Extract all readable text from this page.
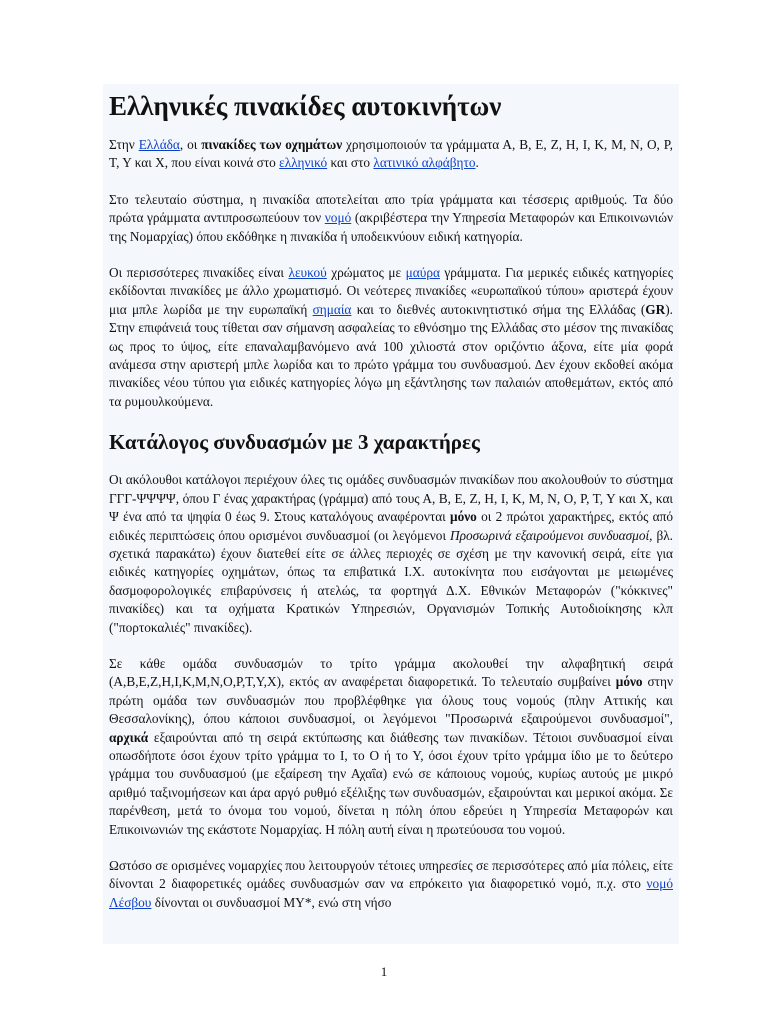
Ελληνικές πινακίδες αυτοκινήτων

Στην Ελλάδα, οι πινακίδες των οχημάτων χρησιμοποιούν τα γράμματα Α, Β, Ε, Ζ, Η, Ι, Κ, Μ, Ν, Ο, Ρ, Τ, Υ και Χ, που είναι κοινά στο ελληνικό και στο λατινικό αλφάβητο.

Στο τελευταίο σύστημα, η πινακίδα αποτελείται απο τρία γράμματα και τέσσερις αριθμούς. Τα δύο πρώτα γράμματα αντιπροσωπεύουν τον νομό (ακριβέστερα την Υπηρεσία Μεταφορών και Επικοινωνιών της Νομαρχίας) όπου εκδόθηκε η πινακίδα ή υποδεικνύουν ειδική κατηγορία.

Οι περισσότερες πινακίδες είναι λευκού χρώματος με μαύρα γράμματα. Για μερικές ειδικές κατηγορίες εκδίδονται πινακίδες με άλλο χρωματισμό. Οι νεότερες πινακίδες «ευρωπαϊκού τύπου» αριστερά έχουν μια μπλε λωρίδα με την ευρωπαϊκή σημαία και το διεθνές αυτοκινητιστικό σήμα της Ελλάδας (GR). Στην επιφάνειά τους τίθεται σαν σήμανση ασφαλείας το εθνόσημο της Ελλάδας στο μέσον της πινακίδας ως προς το ύψος, είτε επαναλαμβανόμενο ανά 100 χιλιοστά στον οριζόντιο άξονα, είτε μία φορά ανάμεσα στην αριστερή μπλε λωρίδα και το πρώτο γράμμα του συνδυασμού. Δεν έχουν εκδοθεί ακόμα πινακίδες νέου τύπου για ειδικές κατηγορίες λόγω μη εξάντλησης των παλαιών αποθεμάτων, εκτός από τα ρυμουλκούμενα.

Κατάλογος συνδυασμών με 3 χαρακτήρες

Οι ακόλουθοι κατάλογοι περιέχουν όλες τις ομάδες συνδυασμών πινακίδων που ακολουθούν το σύστημα ΓΓΓ-ΨΨΨΨ, όπου Γ ένας χαρακτήρας (γράμμα) από τους Α, Β, Ε, Ζ, Η, Ι, Κ, Μ, Ν, Ο, Ρ, Τ, Υ και Χ, και Ψ ένα από τα ψηφία 0 έως 9. Στους καταλόγους αναφέρονται μόνο οι 2 πρώτοι χαρακτήρες, εκτός από ειδικές περιπτώσεις όπου ορισμένοι συνδυασμοί (οι λεγόμενοι Προσωρινά εξαιρούμενοι συνδυασμοί, βλ. σχετικά παρακάτω) έχουν διατεθεί είτε σε άλλες περιοχές σε σχέση με την κανονική σειρά, είτε για ειδικές κατηγορίες οχημάτων, όπως τα επιβατικά Ι.Χ. αυτοκίνητα που εισάγονται με μειωμένες δασμοφορολογικές επιβαρύνσεις ή ατελώς, τα φορτηγά Δ.Χ. Εθνικών Μεταφορών ("κόκκινες" πινακίδες) και τα οχήματα Κρατικών Υπηρεσιών, Οργανισμών Τοπικής Αυτοδιοίκησης κλπ ("πορτοκαλιές" πινακίδες).

Σε κάθε ομάδα συνδυασμών το τρίτο γράμμα ακολουθεί την αλφαβητική σειρά (Α,Β,Ε,Ζ,Η,Ι,Κ,Μ,Ν,Ο,Ρ,Τ,Υ,Χ), εκτός αν αναφέρεται διαφορετικά. Το τελευταίο συμβαίνει μόνο στην πρώτη ομάδα των συνδυασμών που προβλέφθηκε για όλους τους νομούς (πλην Αττικής και Θεσσαλονίκης), όπου κάποιοι συνδυασμοί, οι λεγόμενοι "Προσωρινά εξαιρούμενοι συνδυασμοί", αρχικά εξαιρούνται από τη σειρά εκτύπωσης και διάθεσης των πινακίδων. Τέτοιοι συνδυασμοί είναι οπωσδήποτε όσοι έχουν τρίτο γράμμα το Ι, το Ο ή το Υ, όσοι έχουν τρίτο γράμμα ίδιο με το δεύτερο γράμμα του συνδυασμού (με εξαίρεση την Αχαΐα) ενώ σε κάποιους νομούς, κυρίως αυτούς με μικρό αριθμό ταξινομήσεων και άρα αργό ρυθμό εξέλιξης των συνδυασμών, εξαιρούνται και μερικοί ακόμα. Σε παρένθεση, μετά το όνομα του νομού, δίνεται η πόλη όπου εδρεύει η Υπηρεσία Μεταφορών και Επικοινωνιών της εκάστοτε Νομαρχίας. Η πόλη αυτή είναι η πρωτεύουσα του νομού.

Ωστόσο σε ορισμένες νομαρχίες που λειτουργούν τέτοιες υπηρεσίες σε περισσότερες από μία πόλεις, είτε δίνονται 2 διαφορετικές ομάδες συνδυασμών σαν να επρόκειτο για διαφορετικό νομό, π.χ. στο νομό Λέσβου δίνονται οι συνδυασμοί ΜΥ*, ενώ στη νήσο

1
